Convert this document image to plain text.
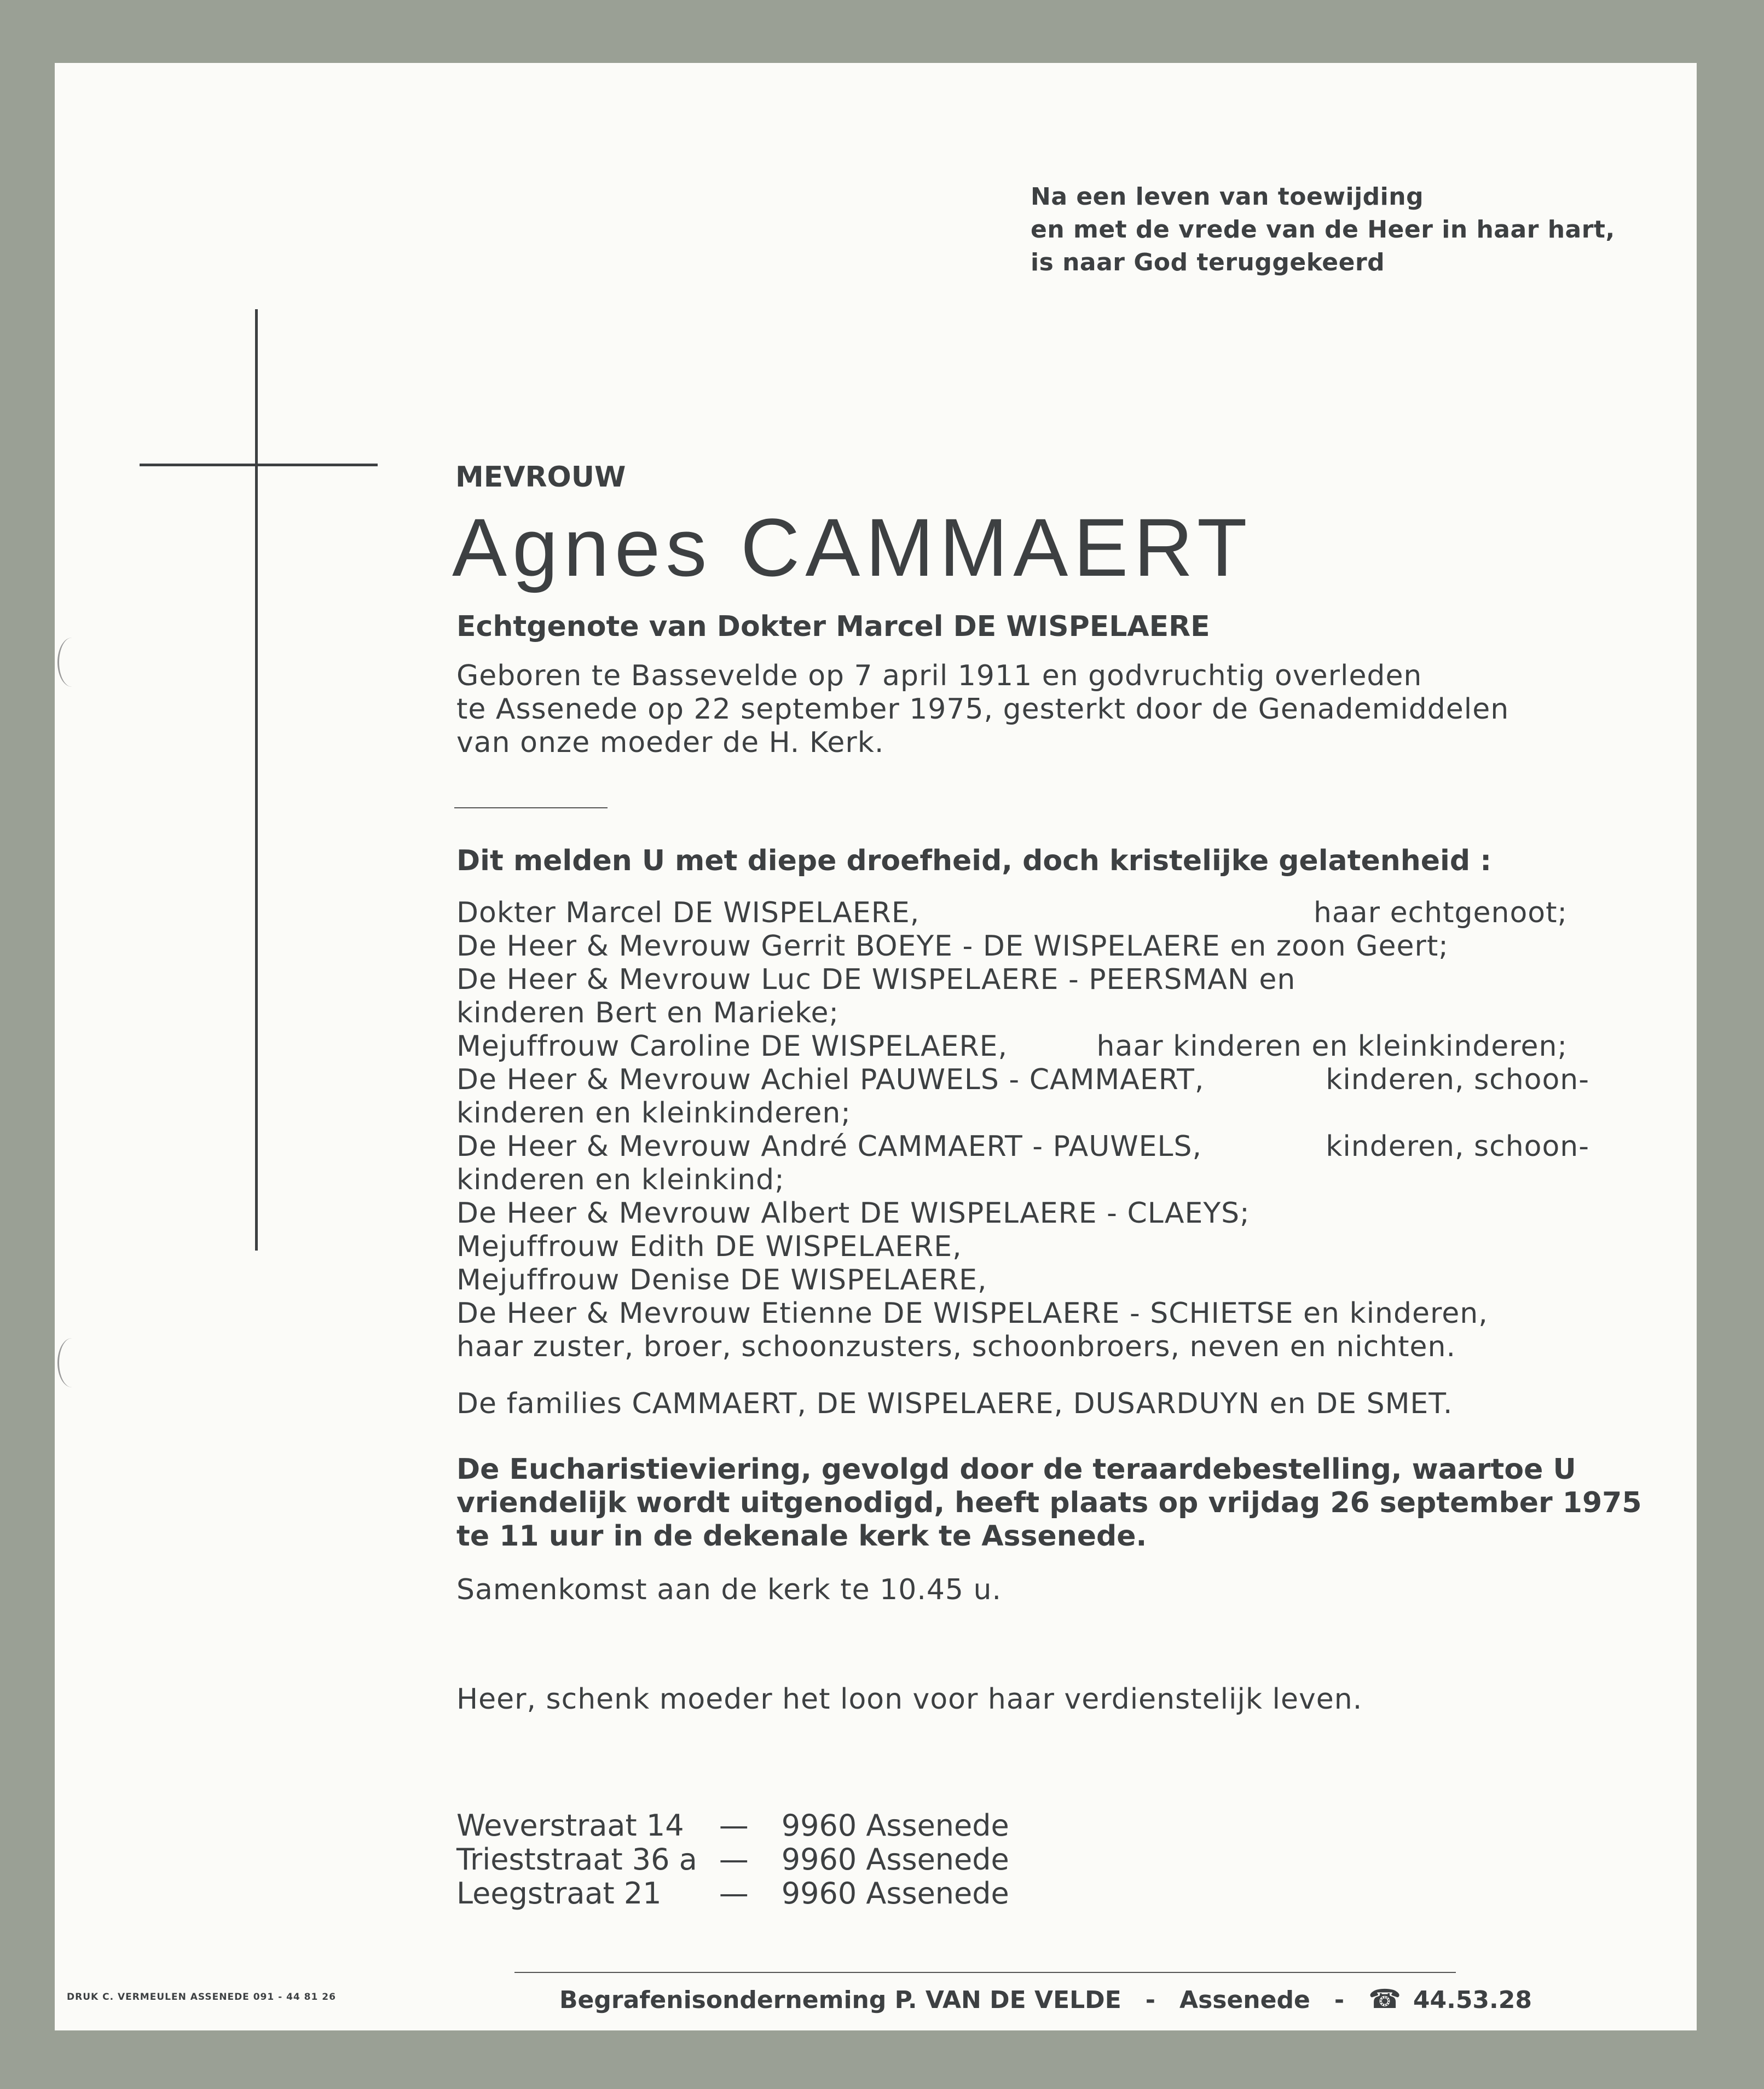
Na een leven van toewijding
en met de vrede van de Heer in haar hart,
is naar God teruggekeerd
MEVROUW
Agnes CAMMAERT
Echtgenote van Dokter Marcel DE WISPELAERE
Geboren te Bassevelde op 7 april 1911 en godvruchtig overleden
te Assenede op 22 september 1975, gesterkt door de Genademiddelen
van onze moeder de H. Kerk.
Dit melden U met diepe droefheid, doch kristelijke gelatenheid :
Dokter Marcel DE WISPELAERE,	haar echtgenoot;
De Heer & Mevrouw Gerrit BOEYE - DE WISPELAERE en zoon Geert;
De Heer & Mevrouw Luc DE WISPELAERE - PEERSMAN en
kinderen Bert en Marieke;
Mejuffrouw Caroline DE WISPELAERE,	haar kinderen en kleinkinderen;
De Heer & Mevrouw Achiel PAUWELS - CAMMAERT,	kinderen, schoon-
kinderen en kleinkinderen;
De Heer & Mevrouw André CAMMAERT - PAUWELS,	kinderen, schoon-
kinderen en kleinkind;
De Heer & Mevrouw Albert DE WISPELAERE - CLAEYS;
Mejuffrouw Edith DE WISPELAERE,
Mejuffrouw Denise DE WISPELAERE,
De Heer & Mevrouw Etienne DE WISPELAERE - SCHIETSE en kinderen,
haar zuster, broer, schoonzusters, schoonbroers, neven en nichten.
De families CAMMAERT, DE WISPELAERE, DUSARDUYN en DE SMET.
De Eucharistieviering, gevolgd door de teraardebestelling, waartoe U
vriendelijk wordt uitgenodigd, heeft plaats op vrijdag 26 september 1975
te 11 uur in de dekenale kerk te Assenede.
Samenkomst aan de kerk te 10.45 u.
Heer, schenk moeder het loon voor haar verdienstelijk leven.
Weverstraat 14	—	9960 Assenede
Trieststraat 36 a	—	9960 Assenede
Leegstraat 21	—	9960 Assenede
DRUK C. VERMEULEN ASSENEDE 091 - 44 81 26	Begrafenisonderneming P. VAN DE VELDE - Assenede - ☎ 44.53.28
